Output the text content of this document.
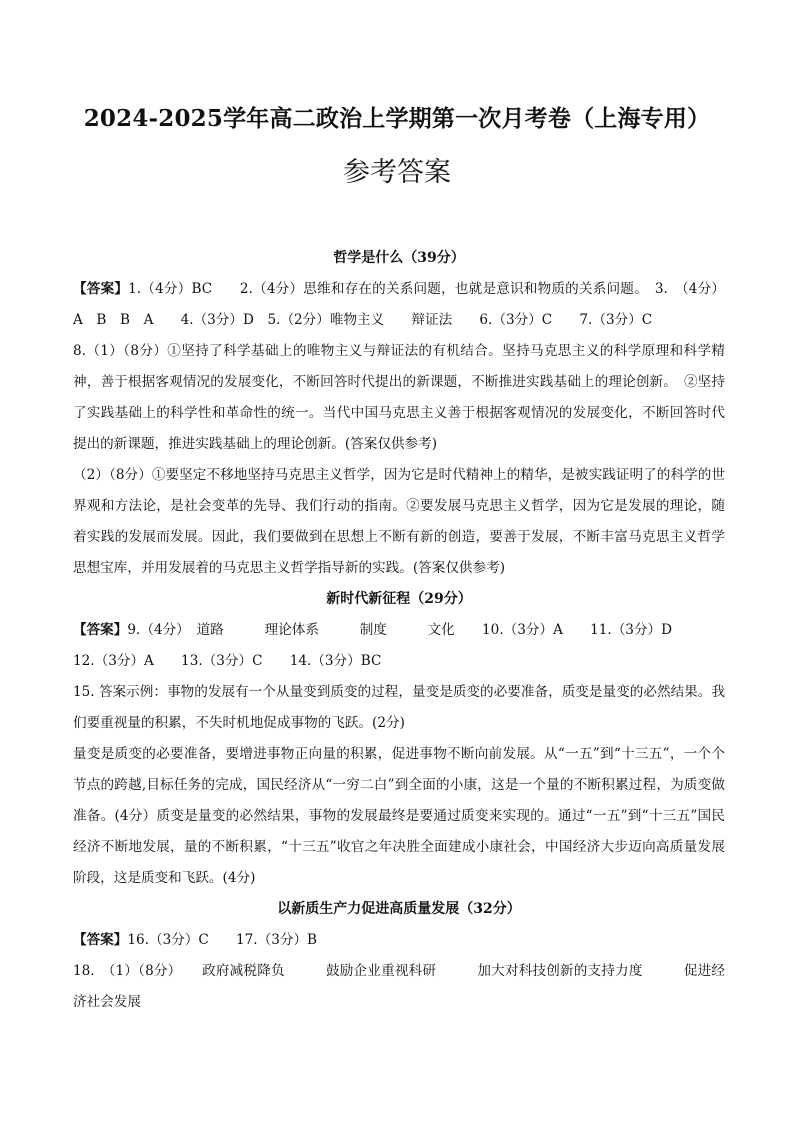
2024-2025学年高二政治上学期第一次月考卷（上海专用）
参考答案
哲学是什么（39分）
【答案】1.（4分）BC　　2.（4分）思维和存在的关系问题，也就是意识和物质的关系问题。　3.　（4分）A　B　B　A　　4.（3分）D　5.（2分）唯物主义　　辩证法　　6.（3分）C　　7.（3分）C
8.（1）（8分）①坚持了科学基础上的唯物主义与辩证法的有机结合。坚持马克思主义的科学原理和科学精神，善于根据客观情况的发展变化，不断回答时代提出的新课题，不断推进实践基础上的理论创新。　②坚持了实践基础上的科学性和革命性的统一。当代中国马克思主义善于根据客观情况的发展变化，不断回答时代提出的新课题，推进实践基础上的理论创新。(答案仅供参考)
（2）（8分）①要坚定不移地坚持马克思主义哲学，因为它是时代精神上的精华，是被实践证明了的科学的世界观和方法论，是社会变革的先导、我们行动的指南。②要发展马克思主义哲学，因为它是发展的理论，随着实践的发展而发展。因此，我们要做到在思想上不断有新的创造，要善于发展，不断丰富马克思主义哲学思想宝库，并用发展着的马克思主义哲学指导新的实践。(答案仅供参考)
新时代新征程（29分）
【答案】9.（4分）　道路　　　理论体系　　　制度　　　文化　　10.（3分）A　　11.（3分）D
12.（3分）A　　13.（3分）C　　14.（3分）BC
15. 答案示例：事物的发展有一个从量变到质变的过程，量变是质变的必要准备，质变是量变的必然结果。我们要重视量的积累，不失时机地促成事物的飞跃。(2分)
量变是质变的必要准备，要增进事物正向量的积累，促进事物不断向前发展。从“一五”到“十三五”，一个个节点的跨越,目标任务的完成，国民经济从“一穷二白”到全面的小康，这是一个量的不断积累过程，为质变做准备。(4分）质变是量变的必然结果，事物的发展最终是要通过质变来实现的。通过“一五”到“十三五”国民经济不断地发展，量的不断积累，“十三五”收官之年决胜全面建成小康社会，中国经济大步迈向高质量发展阶段，这是质变和飞跃。(4分)
以新质生产力促进高质量发展（32分）
【答案】16.（3分）C　　17.（3分）B
18.　（1）（8分）　　政府减税降负　　　鼓励企业重视科研　　　加大对科技创新的支持力度　　　促进经济社会发展
